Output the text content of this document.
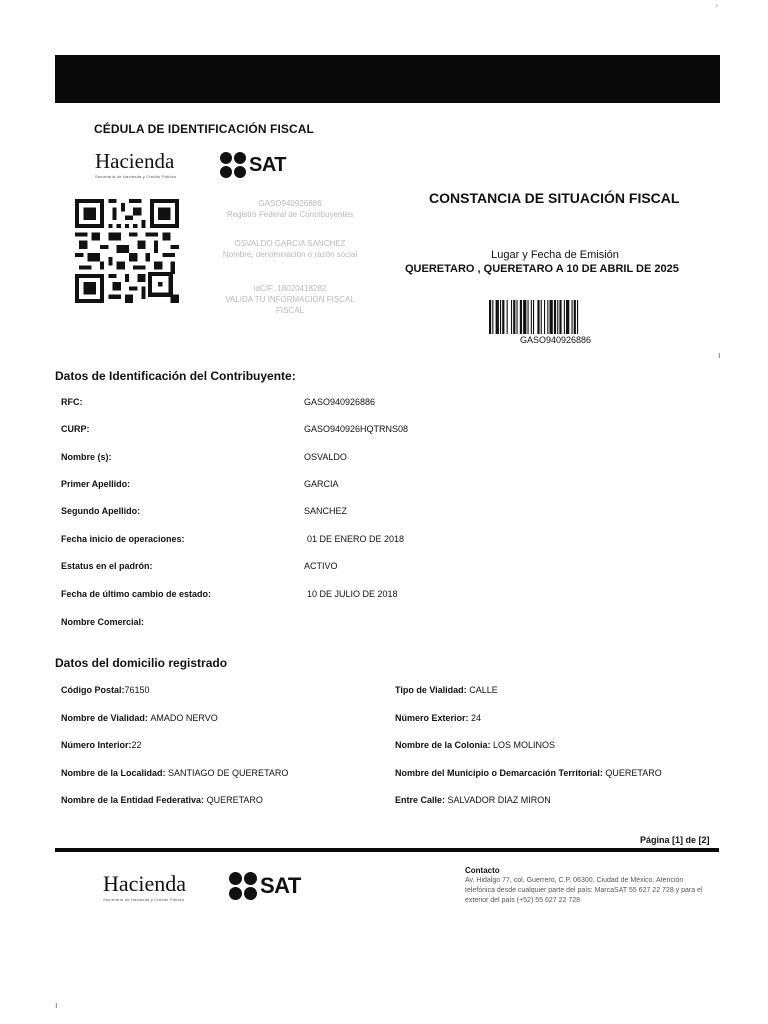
CÉDULA DE IDENTIFICACIÓN FISCAL
Hacienda
Secretaría de Hacienda y Crédito Público
SAT
GASO940926886
Registro Federal de Contribuyentes
OSVALDO GARCIA SANCHEZ
Nombre, denominación o razón social
idCIF: 18020418282
VALIDA TU INFORMACIÓN FISCAL
FISCAL
CONSTANCIA DE SITUACIÓN FISCAL
Lugar y Fecha de Emisión
QUERETARO , QUERETARO A 10 DE ABRIL DE 2025
GASO940926886
Datos de Identificación del Contribuyente:
RFC:	GASO940926886
CURP:	GASO940926HQTRNS08
Nombre (s):	OSVALDO
Primer Apellido:	GARCIA
Segundo Apellido:	SANCHEZ
Fecha inicio de operaciones:	01 DE ENERO DE 2018
Estatus en el padrón:	ACTIVO
Fecha de último cambio de estado:	10 DE JULIO DE 2018
Nombre Comercial:
Datos del domicilio registrado
Código Postal:76150	Tipo de Vialidad: CALLE
Nombre de Vialidad: AMADO NERVO	Número Exterior: 24
Número Interior:22	Nombre de la Colonia: LOS MOLINOS
Nombre de la Localidad: SANTIAGO DE QUERETARO	Nombre del Municipio o Demarcación Territorial: QUERETARO
Nombre de la Entidad Federativa: QUERETARO	Entre Calle: SALVADOR DIAZ MIRON
Página [1] de [2]
Hacienda
Secretaría de Hacienda y Crédito Público
SAT
Contacto
Av. Hidalgo 77, col. Guerrero, C.P. 06300, Ciudad de México. Atención telefónica desde cualquier parte del país: MarcaSAT 55 627 22 728 y para el exterior del país (+52) 55 627 22 728
'
ı
ı
